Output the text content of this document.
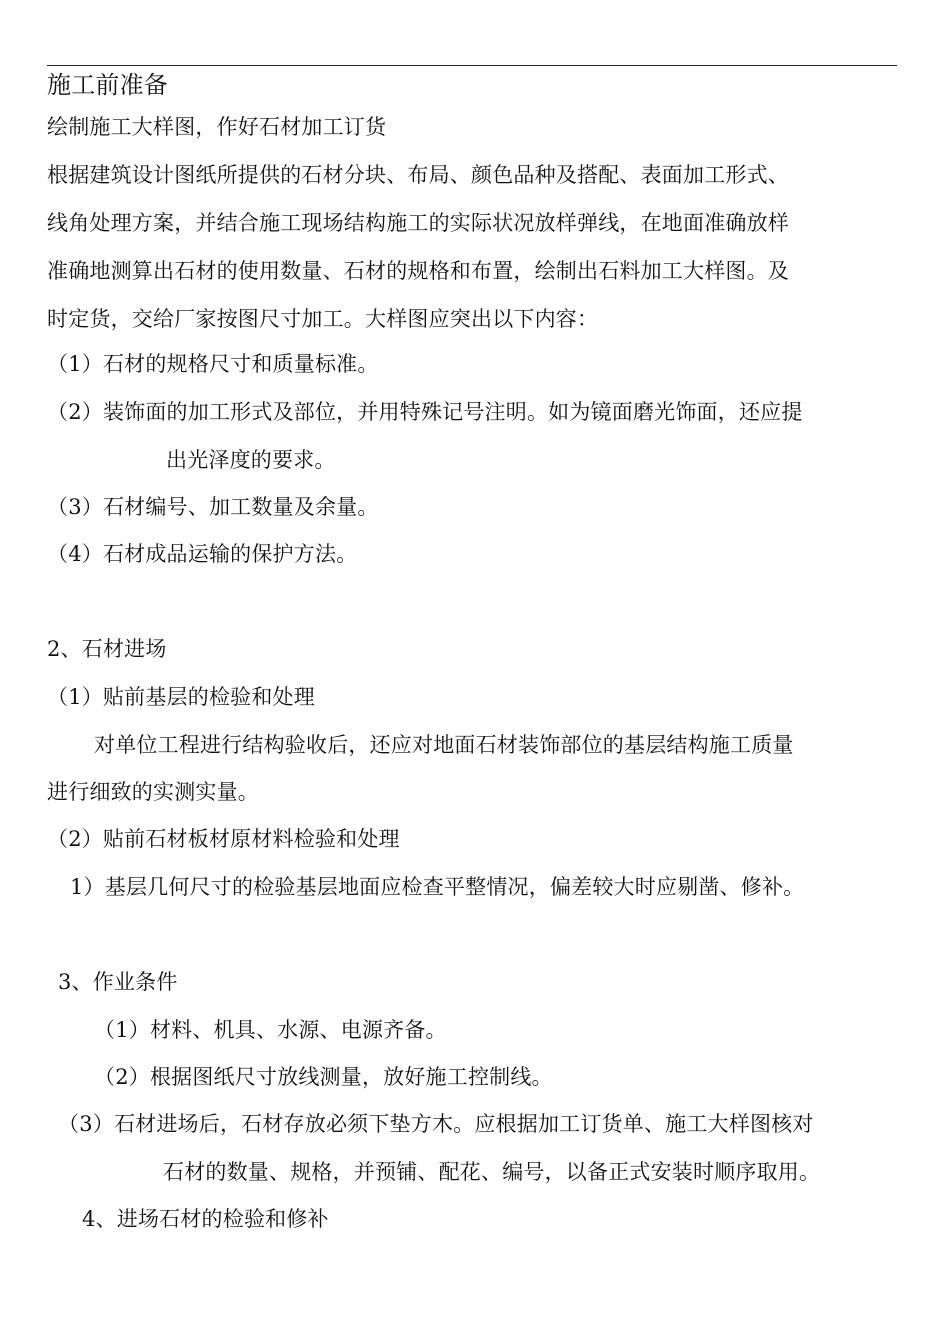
施工前准备
绘制施工大样图，作好石材加工订货
根据建筑设计图纸所提供的石材分块、布局、颜色品种及搭配、表面加工形式、
线角处理方案，并结合施工现场结构施工的实际状况放样弹线，在地面准确放样
准确地测算出石材的使用数量、石材的规格和布置，绘制出石料加工大样图。及
时定货，交给厂家按图尺寸加工。大样图应突出以下内容：
（1）石材的规格尺寸和质量标准。
（2）装饰面的加工形式及部位，并用特殊记号注明。如为镜面磨光饰面，还应提
出光泽度的要求。
（3）石材编号、加工数量及余量。
（4）石材成品运输的保护方法。
2、石材进场
（1）贴前基层的检验和处理
对单位工程进行结构验收后，还应对地面石材装饰部位的基层结构施工质量
进行细致的实测实量。
（2）贴前石材板材原材料检验和处理
1）基层几何尺寸的检验基层地面应检查平整情况，偏差较大时应剔凿、修补。
3、作业条件
（1）材料、机具、水源、电源齐备。
（2）根据图纸尺寸放线测量，放好施工控制线。
（3）石材进场后，石材存放必须下垫方木。应根据加工订货单、施工大样图核对
石材的数量、规格，并预铺、配花、编号，以备正式安装时顺序取用。
4、进场石材的检验和修补
